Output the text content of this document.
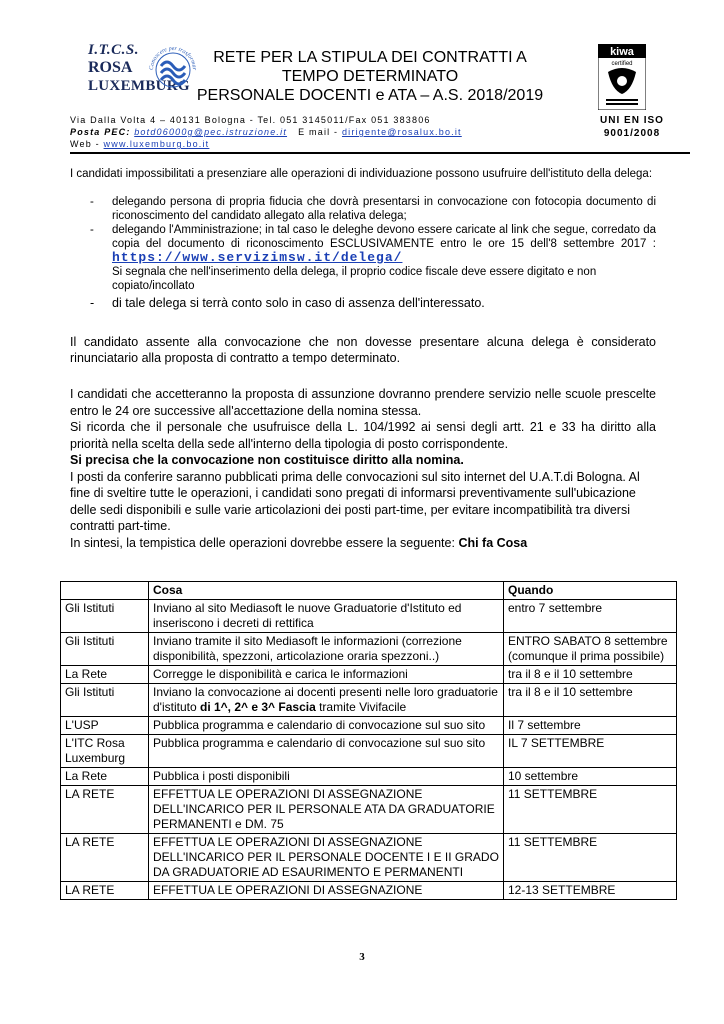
I.T.C.S.
ROSA
LUXEMBURG
Conoscere per trasformar
RETE PER LA STIPULA DEI CONTRATTI A
TEMPO DETERMINATO
PERSONALE DOCENTI e ATA – A.S. 2018/2019
kiwa
certified
UNI EN ISO
9001/2008
Via Dalla Volta 4 – 40131 Bologna - Tel. 051 3145011/Fax 051 383806
Posta PEC: botd06000g@pec.istruzione.it E mail - dirigente@rosalux.bo.it
Web - www.luxemburg.bo.it
I candidati impossibilitati a presenziare alle operazioni di individuazione possono usufruire dell'istituto della delega:
- delegando persona di propria fiducia che dovrà presentarsi in convocazione con fotocopia documento di riconoscimento del candidato allegato alla relativa delega;
- delegando l'Amministrazione; in tal caso le deleghe devono essere caricate al link che segue, corredato da copia del documento di riconoscimento ESCLUSIVAMENTE entro le ore 15 dell'8 settembre 2017 : https://www.servizimsw.it/delega/
Si segnala che nell'inserimento della delega, il proprio codice fiscale deve essere digitato e non copiato/incollato
- di tale delega si terrà conto solo in caso di assenza dell'interessato.
Il candidato assente alla convocazione che non dovesse presentare alcuna delega è considerato rinunciatario alla proposta di contratto a tempo determinato.
I candidati che accetteranno la proposta di assunzione dovranno prendere servizio nelle scuole prescelte entro le 24 ore successive all'accettazione della nomina stessa.
Si ricorda che il personale che usufruisce della L. 104/1992 ai sensi degli artt. 21 e 33 ha diritto alla priorità nella scelta della sede all'interno della tipologia di posto corrispondente.
Si precisa che la convocazione non costituisce diritto alla nomina.
I posti da conferire saranno pubblicati prima delle convocazioni sul sito internet del U.A.T.di Bologna. Al fine di sveltire tutte le operazioni, i candidati sono pregati di informarsi preventivamente sull'ubicazione delle sedi disponibili e sulle varie articolazioni dei posti part-time, per evitare incompatibilità tra diversi contratti part-time.
In sintesi, la tempistica delle operazioni dovrebbe essere la seguente: Chi fa Cosa
	Cosa	Quando
Gli Istituti	Inviano al sito Mediasoft le nuove Graduatorie d'Istituto ed inseriscono i decreti di rettifica	entro 7 settembre
Gli Istituti	Inviano tramite il sito Mediasoft le informazioni (correzione disponibilità, spezzoni, articolazione oraria spezzoni..)	ENTRO SABATO 8 settembre (comunque il prima possibile)
La Rete	Corregge le disponibilità e carica le informazioni	tra il 8 e il 10 settembre
Gli Istituti	Inviano la convocazione ai docenti presenti nelle loro graduatorie d'istituto di 1^, 2^ e 3^ Fascia tramite Vivifacile	tra il 8 e il 10 settembre
L'USP	Pubblica programma e calendario di convocazione sul suo sito	Il 7 settembre
L'ITC Rosa Luxemburg	Pubblica programma e calendario di convocazione sul suo sito	IL 7 SETTEMBRE
La Rete	Pubblica i posti disponibili	10 settembre
LA RETE	EFFETTUA LE OPERAZIONI DI ASSEGNAZIONE DELL'INCARICO PER IL PERSONALE ATA DA GRADUATORIE PERMANENTI e DM. 75	11 SETTEMBRE
LA RETE	EFFETTUA LE OPERAZIONI DI ASSEGNAZIONE DELL'INCARICO PER IL PERSONALE DOCENTE I E II GRADO DA GRADUATORIE AD ESAURIMENTO E PERMANENTI	11 SETTEMBRE
LA RETE	EFFETTUA LE OPERAZIONI DI ASSEGNAZIONE	12-13 SETTEMBRE
3
